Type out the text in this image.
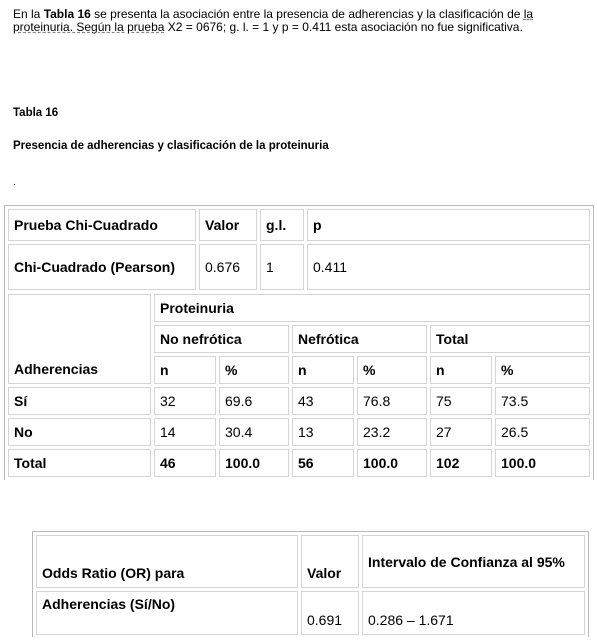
En la Tabla 16 se presenta la asociación entre la presencia de adherencias y la clasificación de la proteinuria. Según la prueba X2 = 0676; g. l. = 1 y p = 0.411 esta asociación no fue significativa.

Tabla 16

Presencia de adherencias y clasificación de la proteinuria

.

Prueba Chi-Cuadrado	Valor	g.l.	p
Chi-Cuadrado (Pearson)	0.676	1	0.411
Adherencias	Proteinuria					
	No nefrótica		Nefrótica		Total	
	n	%	n	%	n	%
Sí	32	69.6	43	76.8	75	73.5
No	14	30.4	13	23.2	27	26.5
Total	46	100.0	56	100.0	102	100.0
Odds Ratio (OR) para	Valor	Intervalo de Confianza al 95%
Adherencias (Sí/No)	0.691	0.286 – 1.671
